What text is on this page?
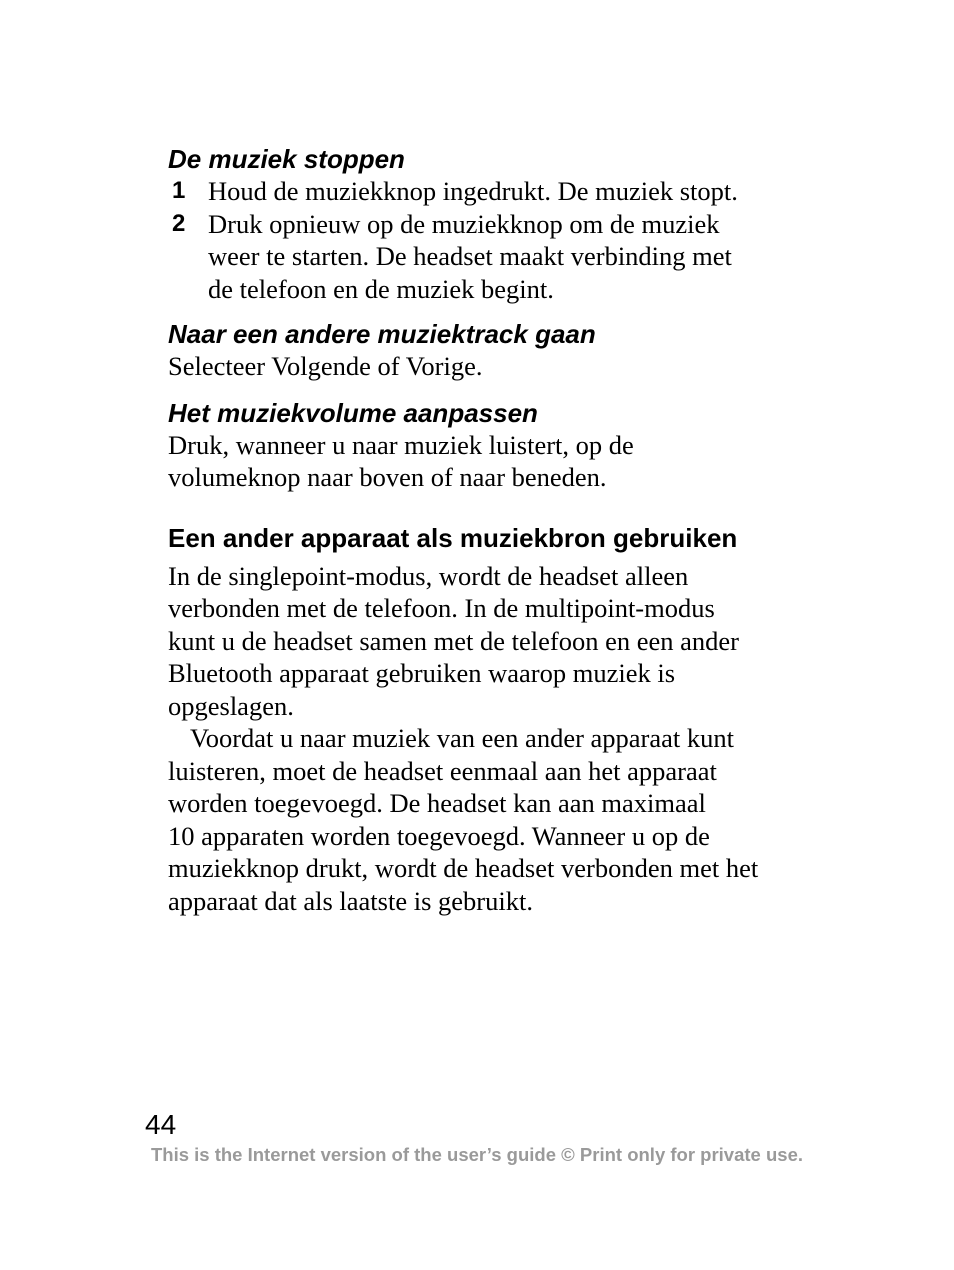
De muziek stoppen
1 Houd de muziekknop ingedrukt. De muziek stopt.
2 Druk opnieuw op de muziekknop om de muziek
weer te starten. De headset maakt verbinding met
de telefoon en de muziek begint.
Naar een andere muziektrack gaan

Selecteer Volgende of Vorige.

Het muziekvolume aanpassen

Druk, wanneer u naar muziek luistert, op de
volumeknop naar boven of naar beneden.

Een ander apparaat als muziekbron gebruiken

In de singlepoint-modus, wordt de headset alleen
verbonden met de telefoon. In de multipoint-modus
kunt u de headset samen met de telefoon en een ander
Bluetooth apparaat gebruiken waarop muziek is
opgeslagen.

Voordat u naar muziek van een ander apparaat kunt
luisteren, moet de headset eenmaal aan het apparaat
worden toegevoegd. De headset kan aan maximaal
10 apparaten worden toegevoegd. Wanneer u op de
muziekknop drukt, wordt de headset verbonden met het
apparaat dat als laatste is gebruikt.

44
This is the Internet version of the user’s guide © Print only for private use.
